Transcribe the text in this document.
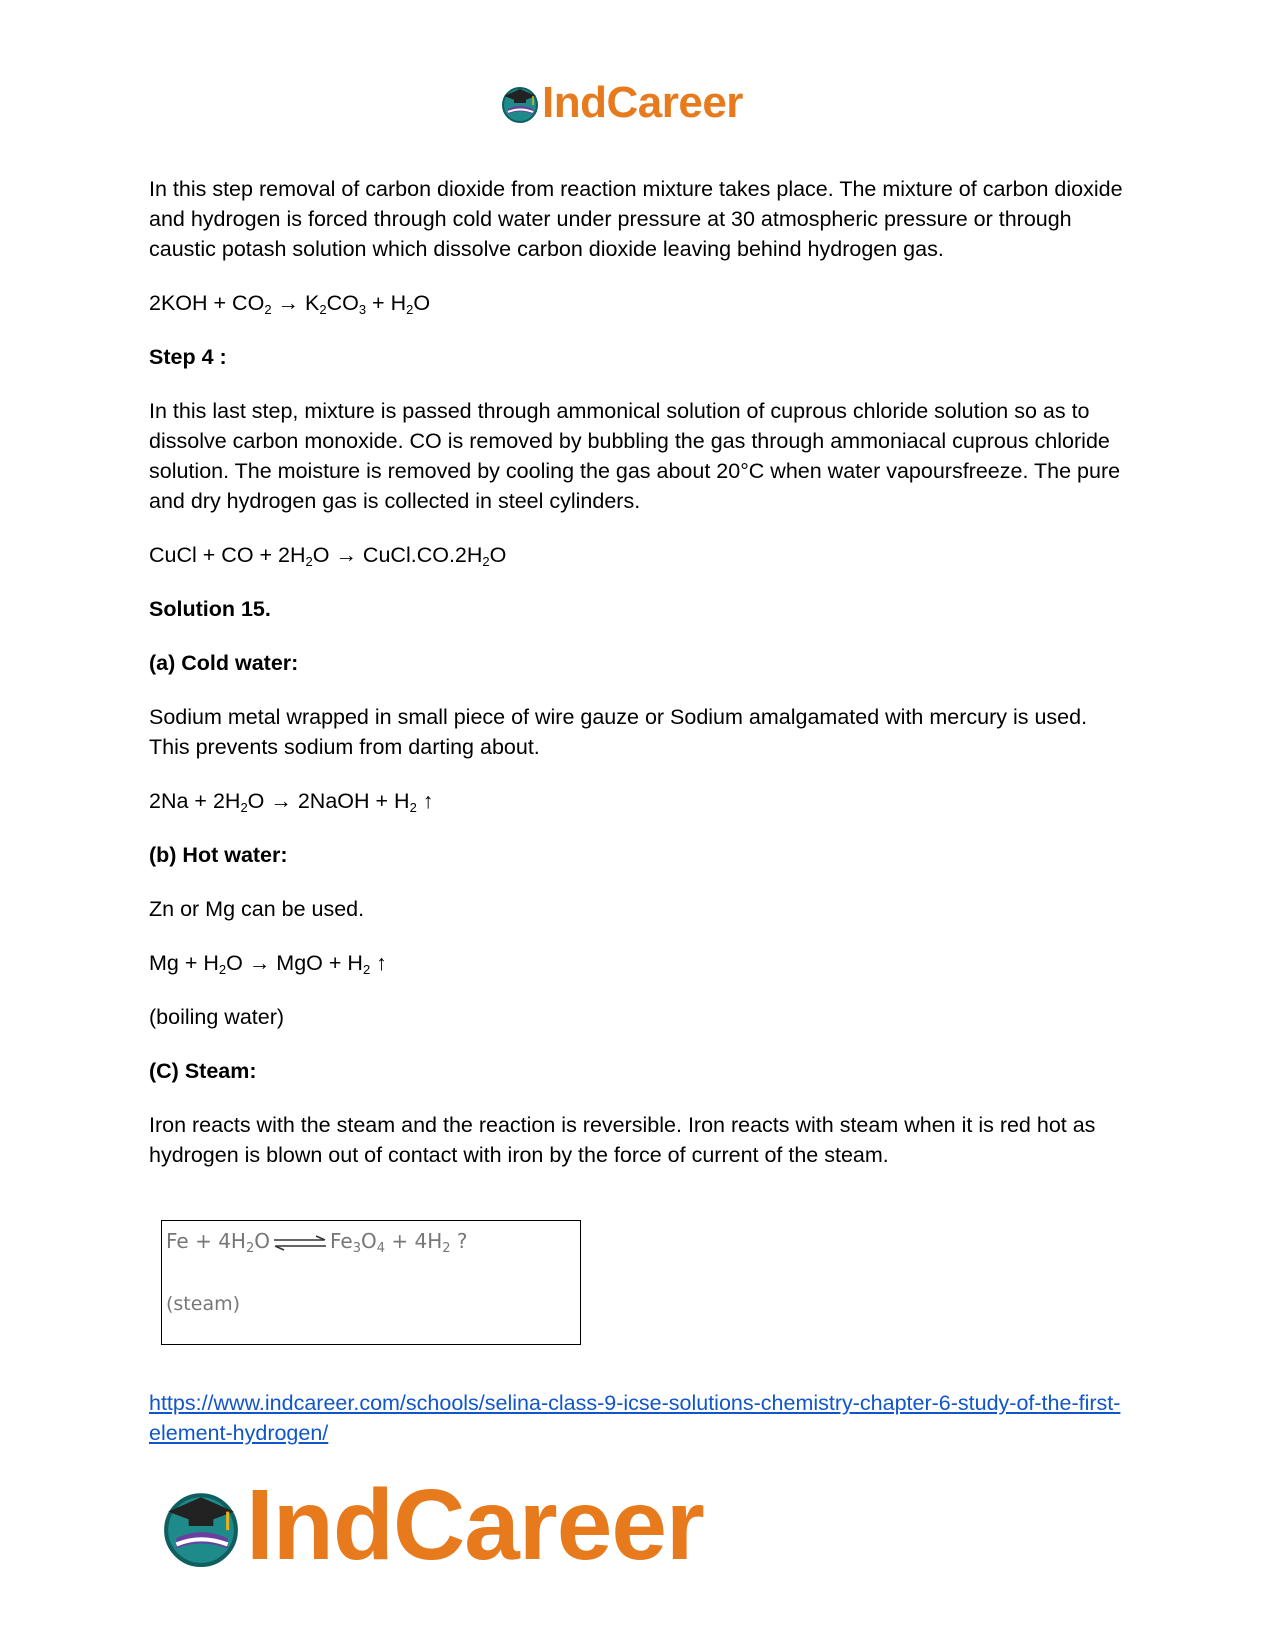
IndCareer

In this step removal of carbon dioxide from reaction mixture takes place. The mixture of carbon dioxide and hydrogen is forced through cold water under pressure at 30 atmospheric pressure or through caustic potash solution which dissolve carbon dioxide leaving behind hydrogen gas.

$2KOH + CO_2 \to K_2CO_3 + H_2O$

Step 4 :

In this last step, mixture is passed through ammonical solution of cuprous chloride solution so as to dissolve carbon monoxide. CO is removed by bubbling the gas through ammoniacal cuprous chloride solution. The moisture is removed by cooling the gas about 20°C when water vapoursfreeze. The pure and dry hydrogen gas is collected in steel cylinders.

CuCl + CO + $2H_2O$ → $CuCl.CO.2H_2O$

Solution 15.

(a) Cold water:

Sodium metal wrapped in small piece of wire gauze or Sodium amalgamated with mercury is used. This prevents sodium from darting about.

$2Na + 2H_2O$ → 2NaOH + $H_2$ ↑

(b) Hot water:

Zn or Mg can be used.

$Mg + H_2O$ → MgO + $H_2$ ↑

(boiling water)

(C) Steam:

Iron reacts with the steam and the reaction is reversible. Iron reacts with steam when it is red hot as hydrogen is blown out of contact with iron by the force of current of the steam.

$Fe + 4H_2O$ ⇌ $Fe_3O_4 + 4H_2$ ?
(steam)
https://www.indcareer.com/schools/selina-class-9-icse-solutions-chemistry-chapter-6-study-of-the-first-element-hydrogen/
IndCareer
